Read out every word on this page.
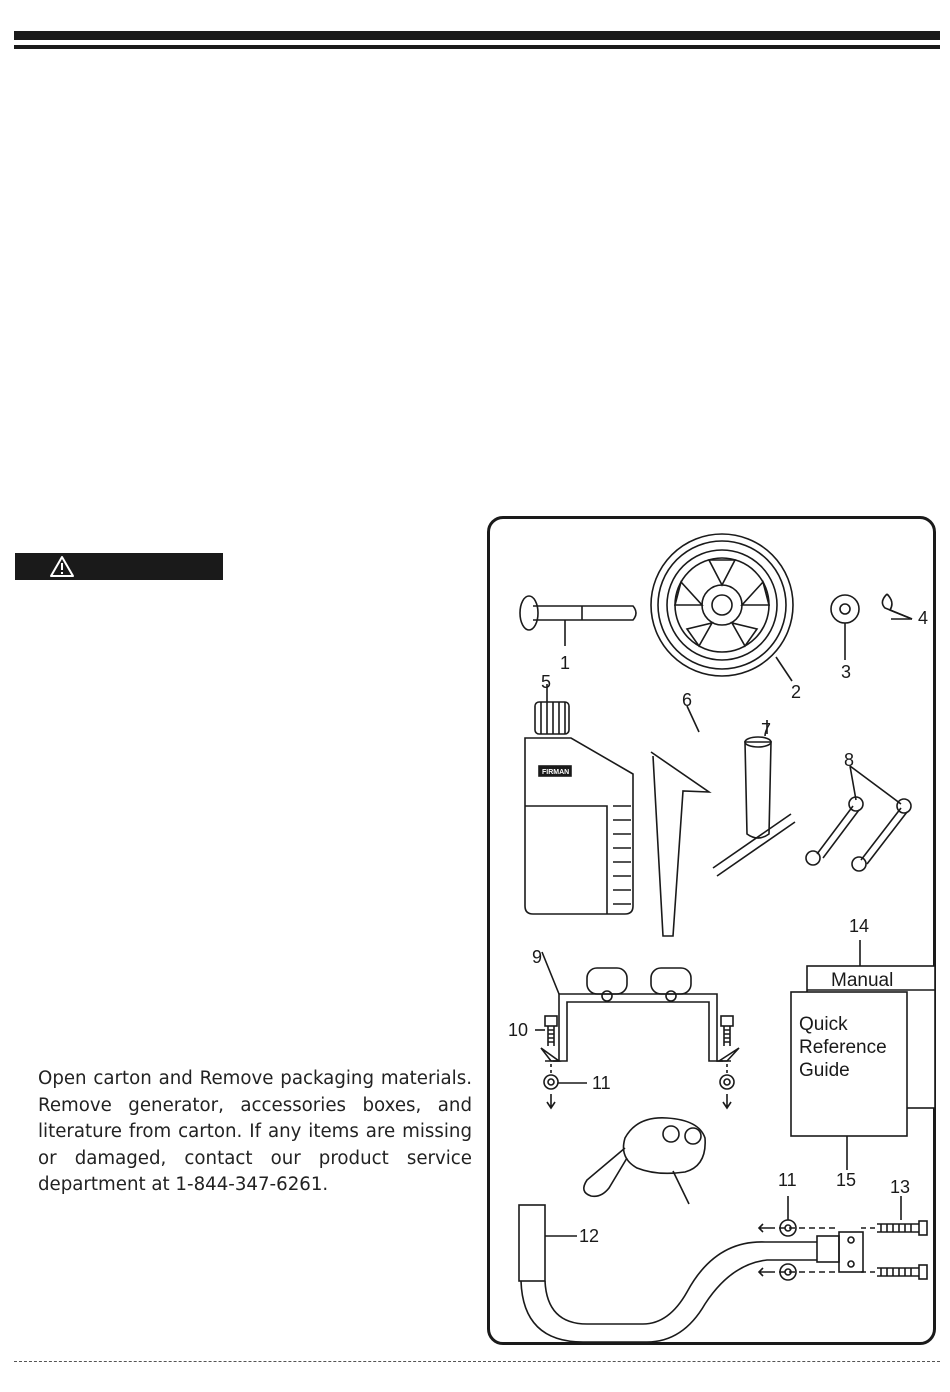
Open carton and Remove packaging materials. Remove generator, accessories boxes, and literature from carton. If any items are missing or damaged, contact our product service department at 1-844-347-6261.

1
2
3
4
5
6
7
8
9
10
11
11
12
13
14
15
FIRMAN
Manual
Quick
Reference
Guide
